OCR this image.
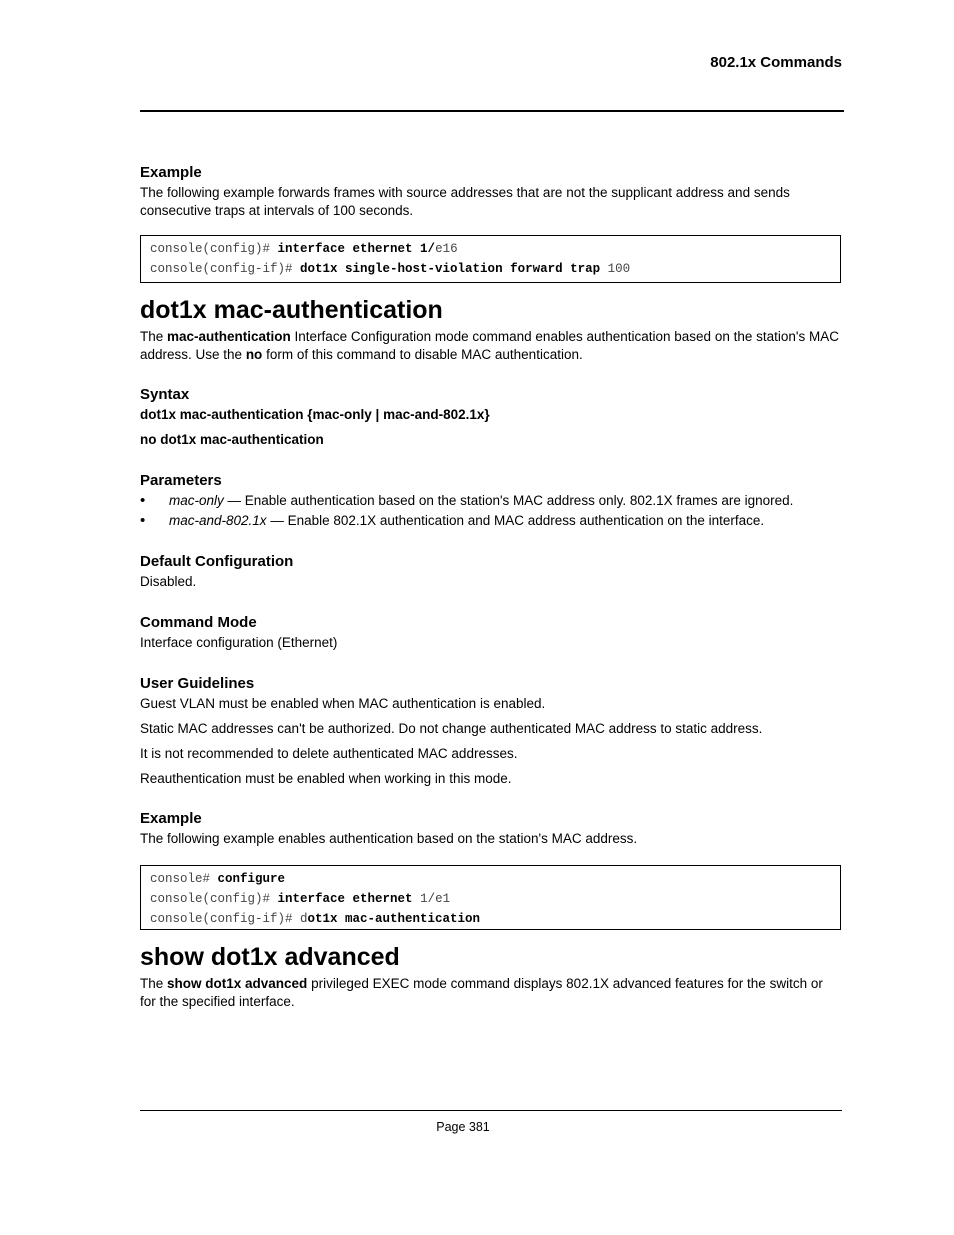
802.1x Commands
Example
The following example forwards frames with source addresses that are not the supplicant address and sends consecutive traps at intervals of 100 seconds.
console(config)# interface ethernet 1/e16
console(config-if)# dot1x single-host-violation forward trap 100
dot1x mac-authentication
The mac-authentication Interface Configuration mode command enables authentication based on the station's MAC address. Use the no form of this command to disable MAC authentication.
Syntax
dot1x mac-authentication {mac-only | mac-and-802.1x}
no dot1x mac-authentication
Parameters
• mac-only — Enable authentication based on the station's MAC address only. 802.1X frames are ignored.
• mac-and-802.1x — Enable 802.1X authentication and MAC address authentication on the interface.
Default Configuration
Disabled.
Command Mode
Interface configuration (Ethernet)
User Guidelines
Guest VLAN must be enabled when MAC authentication is enabled.
Static MAC addresses can't be authorized. Do not change authenticated MAC address to static address.
It is not recommended to delete authenticated MAC addresses.
Reauthentication must be enabled when working in this mode.
Example
The following example enables authentication based on the station's MAC address.
console# configure
console(config)# interface ethernet 1/e1
console(config-if)# dot1x mac-authentication
show dot1x advanced
The show dot1x advanced privileged EXEC mode command displays 802.1X advanced features for the switch or for the specified interface.
Page 381
